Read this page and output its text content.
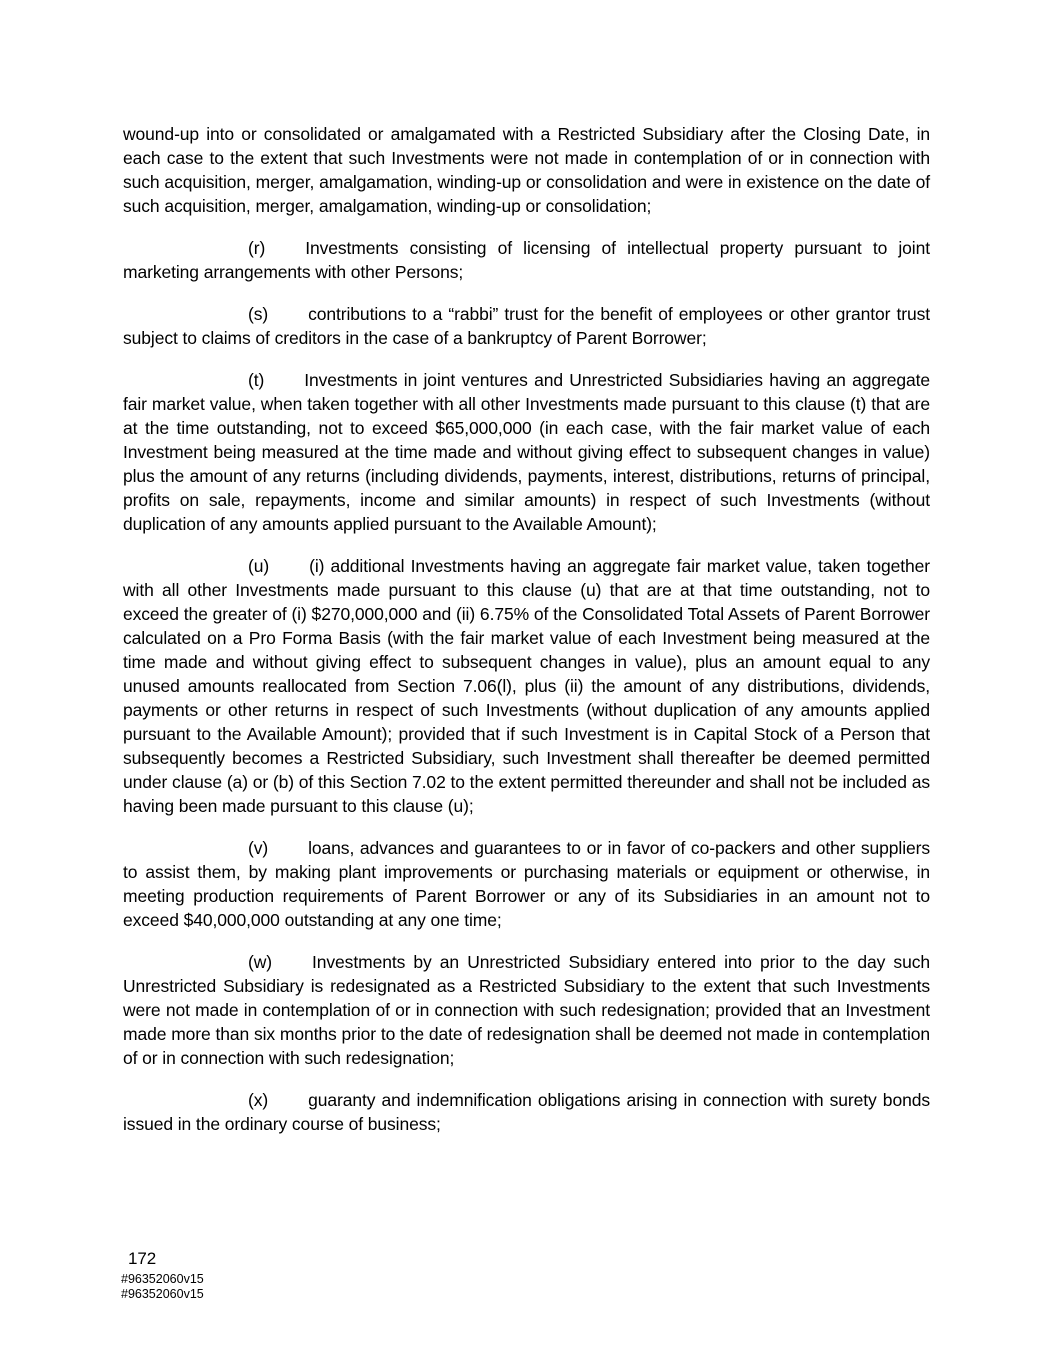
wound-up into or consolidated or amalgamated with a Restricted Subsidiary after the Closing Date, in each case to the extent that such Investments were not made in contemplation of or in connection with such acquisition, merger, amalgamation, winding-up or consolidation and were in existence on the date of such acquisition, merger, amalgamation, winding-up or consolidation;

(r) Investments consisting of licensing of intellectual property pursuant to joint marketing arrangements with other Persons;

(s) contributions to a “rabbi” trust for the benefit of employees or other grantor trust subject to claims of creditors in the case of a bankruptcy of Parent Borrower;

(t) Investments in joint ventures and Unrestricted Subsidiaries having an aggregate fair market value, when taken together with all other Investments made pursuant to this clause (t) that are at the time outstanding, not to exceed $65,000,000 (in each case, with the fair market value of each Investment being measured at the time made and without giving effect to subsequent changes in value) plus the amount of any returns (including dividends, payments, interest, distributions, returns of principal, profits on sale, repayments, income and similar amounts) in respect of such Investments (without duplication of any amounts applied pursuant to the Available Amount);

(u) (i) additional Investments having an aggregate fair market value, taken together with all other Investments made pursuant to this clause (u) that are at that time outstanding, not to exceed the greater of (i) $270,000,000 and (ii) 6.75% of the Consolidated Total Assets of Parent Borrower calculated on a Pro Forma Basis (with the fair market value of each Investment being measured at the time made and without giving effect to subsequent changes in value), plus an amount equal to any unused amounts reallocated from Section 7.06(l), plus (ii) the amount of any distributions, dividends, payments or other returns in respect of such Investments (without duplication of any amounts applied pursuant to the Available Amount); provided that if such Investment is in Capital Stock of a Person that subsequently becomes a Restricted Subsidiary, such Investment shall thereafter be deemed permitted under clause (a) or (b) of this Section 7.02 to the extent permitted thereunder and shall not be included as having been made pursuant to this clause (u);

(v) loans, advances and guarantees to or in favor of co-packers and other suppliers to assist them, by making plant improvements or purchasing materials or equipment or otherwise, in meeting production requirements of Parent Borrower or any of its Subsidiaries in an amount not to exceed $40,000,000 outstanding at any one time;

(w) Investments by an Unrestricted Subsidiary entered into prior to the day such Unrestricted Subsidiary is redesignated as a Restricted Subsidiary to the extent that such Investments were not made in contemplation of or in connection with such redesignation; provided that an Investment made more than six months prior to the date of redesignation shall be deemed not made in contemplation of or in connection with such redesignation;

(x) guaranty and indemnification obligations arising in connection with surety bonds issued in the ordinary course of business;

172
#96352060v15
#96352060v15
